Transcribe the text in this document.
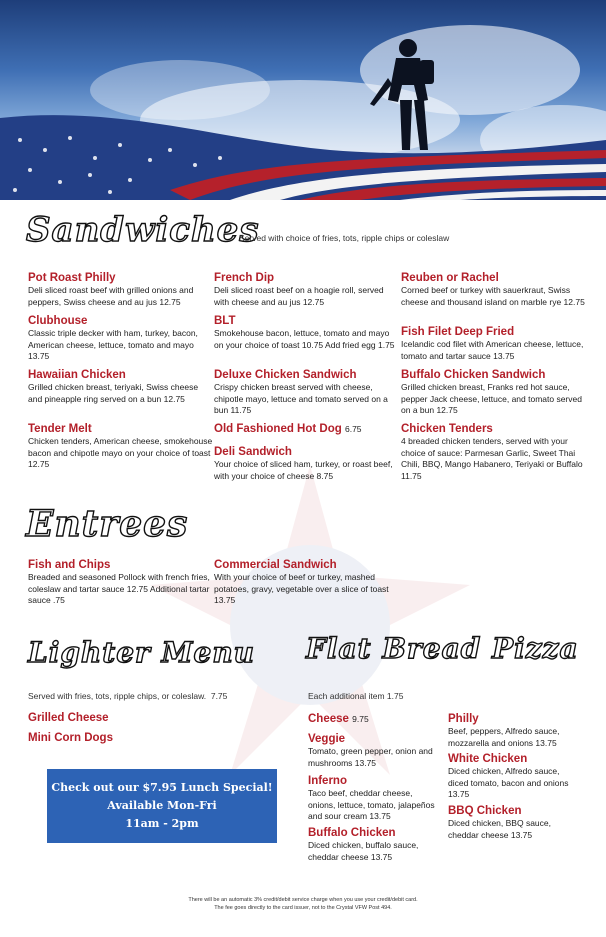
Sandwiches
Served with choice of fries, tots, ripple chips or coleslaw
Pot Roast Philly
Deli sliced roast beef with grilled onions and peppers, Swiss cheese and au jus 12.75
Clubhouse
Classic triple decker with ham, turkey, bacon, American cheese, lettuce, tomato and mayo 13.75
Hawaiian Chicken
Grilled chicken breast, teriyaki, Swiss cheese and pineapple ring served on a bun 12.75
Tender Melt
Chicken tenders, American cheese, smokehouse bacon and chipotle mayo on your choice of toast 12.75
French Dip
Deli sliced roast beef on a hoagie roll, served with cheese and au jus 12.75
BLT
Smokehouse bacon, lettuce, tomato and mayo on your choice of toast 10.75 Add fried egg 1.75
Deluxe Chicken Sandwich
Crispy chicken breast served with cheese, chipotle mayo, lettuce and tomato served on a bun 11.75
Old Fashioned Hot Dog 6.75
Deli Sandwich
Your choice of sliced ham, turkey, or roast beef, with your choice of cheese 8.75
Reuben or Rachel
Corned beef or turkey with sauerkraut, Swiss cheese and thousand island on marble rye 12.75
Fish Filet Deep Fried
Icelandic cod filet with American cheese, lettuce, tomato and tartar sauce 13.75
Buffalo Chicken Sandwich
Grilled chicken breast, Franks red hot sauce, pepper Jack cheese, lettuce, and tomato served on a bun 12.75
Chicken Tenders
4 breaded chicken tenders, served with your choice of sauce: Parmesan Garlic, Sweet Thai Chili, BBQ, Mango Habanero, Teriyaki or Buffalo 11.75
Entrees
Fish and Chips
Breaded and seasoned Pollock with french fries, coleslaw and tartar sauce 12.75 Additional tartar sauce .75
Commercial Sandwich
With your choice of beef or turkey, mashed potatoes, gravy, vegetable over a slice of toast 13.75
Lighter Menu
Served with fries, tots, ripple chips, or coleslaw. 7.75
Grilled Cheese
Mini Corn Dogs
Check out our $7.95 Lunch Special!
Available Mon-Fri
11am - 2pm
Flat Bread Pizza
Each additional item 1.75
Cheese 9.75
Veggie
Tomato, green pepper, onion and mushrooms 13.75
Inferno
Taco beef, cheddar cheese, onions, lettuce, tomato, jalapeños and sour cream 13.75
Buffalo Chicken
Diced chicken, buffalo sauce, cheddar cheese 13.75
Philly
Beef, peppers, Alfredo sauce, mozzarella and onions 13.75
White Chicken
Diced chicken, Alfredo sauce, diced tomato, bacon and onions 13.75
BBQ Chicken
Diced chicken, BBQ sauce, cheddar cheese 13.75
There will be an automatic 3% credit/debit service charge when you use your credit/debit card.
The fee goes directly to the card issuer, not to the Crystal VFW Post 494.
